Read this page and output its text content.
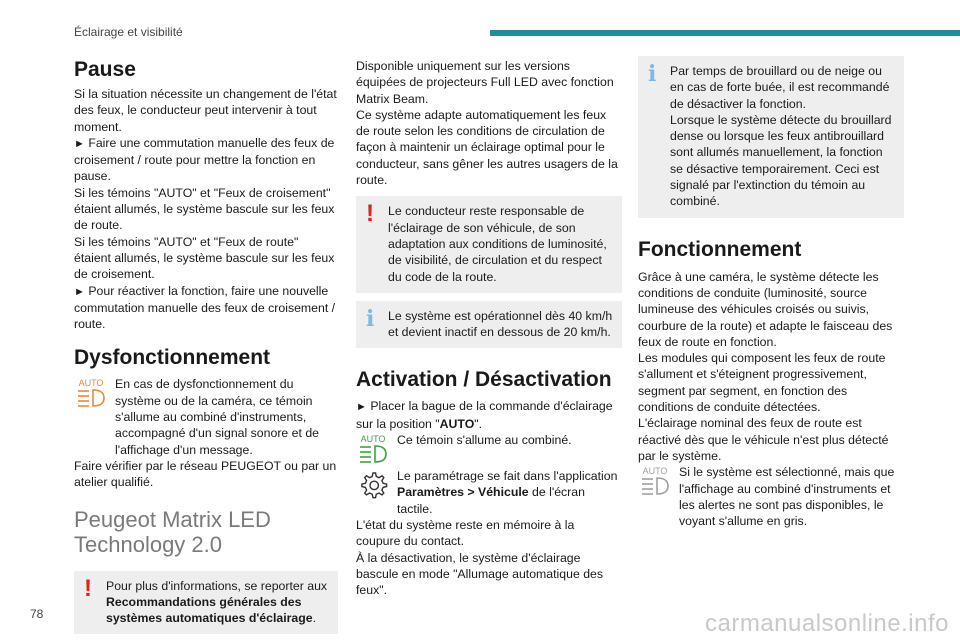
Éclairage et visibilité
Pause

Si la situation nécessite un changement de l'état des feux, le conducteur peut intervenir à tout moment.

► Faire une commutation manuelle des feux de croisement / route pour mettre la fonction en pause.

Si les témoins "AUTO" et "Feux de croisement" étaient allumés, le système bascule sur les feux de route.

Si les témoins "AUTO" et "Feux de route" étaient allumés, le système bascule sur les feux de croisement.

► Pour réactiver la fonction, faire une nouvelle commutation manuelle des feux de croisement / route.

Dysfonctionnement
AUTO En cas de dysfonctionnement du système ou de la caméra, ce témoin s'allume au combiné d'instruments, accompagné d'un signal sonore et de l'affichage d'un message.

Faire vérifier par le réseau PEUGEOT ou par un atelier qualifié.

Peugeot Matrix LED Technology 2.0
! Pour plus d'informations, se reporter aux Recommandations générales des systèmes automatiques d'éclairage.

Disponible uniquement sur les versions équipées de projecteurs Full LED avec fonction Matrix Beam.

Ce système adapte automatiquement les feux de route selon les conditions de circulation de façon à maintenir un éclairage optimal pour le conducteur, sans gêner les autres usagers de la route.

! Le conducteur reste responsable de l'éclairage de son véhicule, de son adaptation aux conditions de luminosité, de visibilité, de circulation et du respect du code de la route.

i Le système est opérationnel dès 40 km/h et devient inactif en dessous de 20 km/h.

Activation / Désactivation

► Placer la bague de la commande d'éclairage sur la position "AUTO".

AUTO Ce témoin s'allume au combiné.

Le paramétrage se fait dans l'application Paramètres > Véhicule de l'écran tactile.

L'état du système reste en mémoire à la coupure du contact.

À la désactivation, le système d'éclairage bascule en mode "Allumage automatique des feux".

i Par temps de brouillard ou de neige ou en cas de forte buée, il est recommandé de désactiver la fonction.

Lorsque le système détecte du brouillard dense ou lorsque les feux antibrouillard sont allumés manuellement, la fonction se désactive temporairement. Ceci est signalé par l'extinction du témoin au combiné.

Fonctionnement

Grâce à une caméra, le système détecte les conditions de conduite (luminosité, source lumineuse des véhicules croisés ou suivis, courbure de la route) et adapte le faisceau des feux de route en fonction.

Les modules qui composent les feux de route s'allument et s'éteignent progressivement, segment par segment, en fonction des conditions de conduite détectées.

L'éclairage nominal des feux de route est réactivé dès que le véhicule n'est plus détecté par le système.

AUTO Si le système est sélectionné, mais que l'affichage au combiné d'instruments et les alertes ne sont pas disponibles, le voyant s'allume en gris.

78	carmanualsonline.info
